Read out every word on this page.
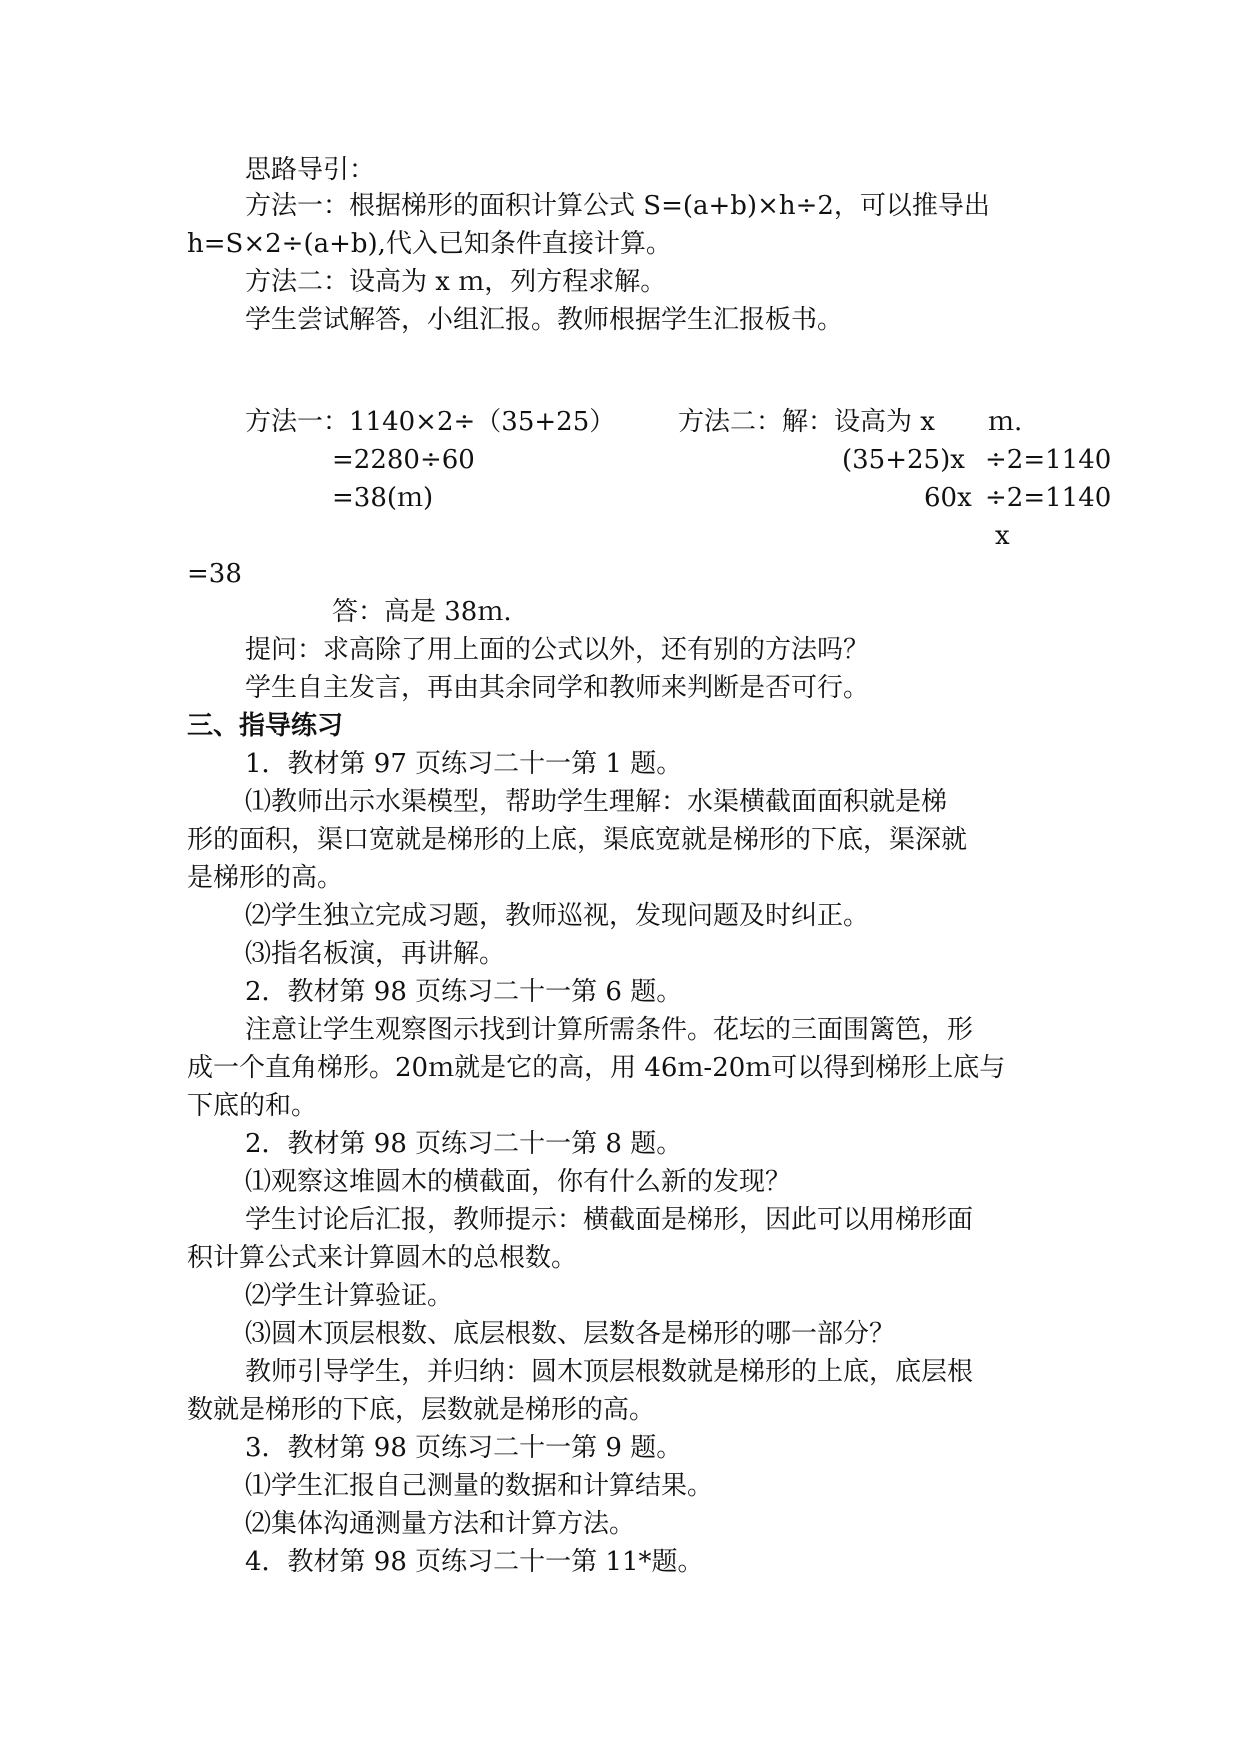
思路导引：
方法一：根据梯形的面积计算公式 S=(a+b)×h÷2，可以推导出
h=S×2÷(a+b),代入已知条件直接计算。
方法二：设高为 x ｍ，列方程求解。
学生尝试解答，小组汇报。教师根据学生汇报板书。
方法一：1140×2÷（35+25）
=2280÷60
=38(ｍ)
方法二：解：设高为 x ｍ.
(35+25)x ÷2=1140
60x ÷2=1140
x
=38
答：高是 38ｍ.
提问：求高除了用上面的公式以外，还有别的方法吗？
学生自主发言，再由其余同学和教师来判断是否可行。
三、指导练习
1．教材第 97 页练习二十一第 1 题。
⑴教师出示水渠模型，帮助学生理解：水渠横截面面积就是梯
形的面积，渠口宽就是梯形的上底，渠底宽就是梯形的下底，渠深就
是梯形的高。
⑵学生独立完成习题，教师巡视，发现问题及时纠正。
⑶指名板演，再讲解。
2．教材第 98 页练习二十一第 6 题。
注意让学生观察图示找到计算所需条件。花坛的三面围篱笆，形
成一个直角梯形。20ｍ就是它的高，用 46ｍ-20ｍ可以得到梯形上底与
下底的和。
2．教材第 98 页练习二十一第 8 题。
⑴观察这堆圆木的横截面，你有什么新的发现？
学生讨论后汇报，教师提示：横截面是梯形，因此可以用梯形面
积计算公式来计算圆木的总根数。
⑵学生计算验证。
⑶圆木顶层根数、底层根数、层数各是梯形的哪一部分？
教师引导学生，并归纳：圆木顶层根数就是梯形的上底，底层根
数就是梯形的下底，层数就是梯形的高。
3．教材第 98 页练习二十一第 9 题。
⑴学生汇报自己测量的数据和计算结果。
⑵集体沟通测量方法和计算方法。
4．教材第 98 页练习二十一第 11*题。
